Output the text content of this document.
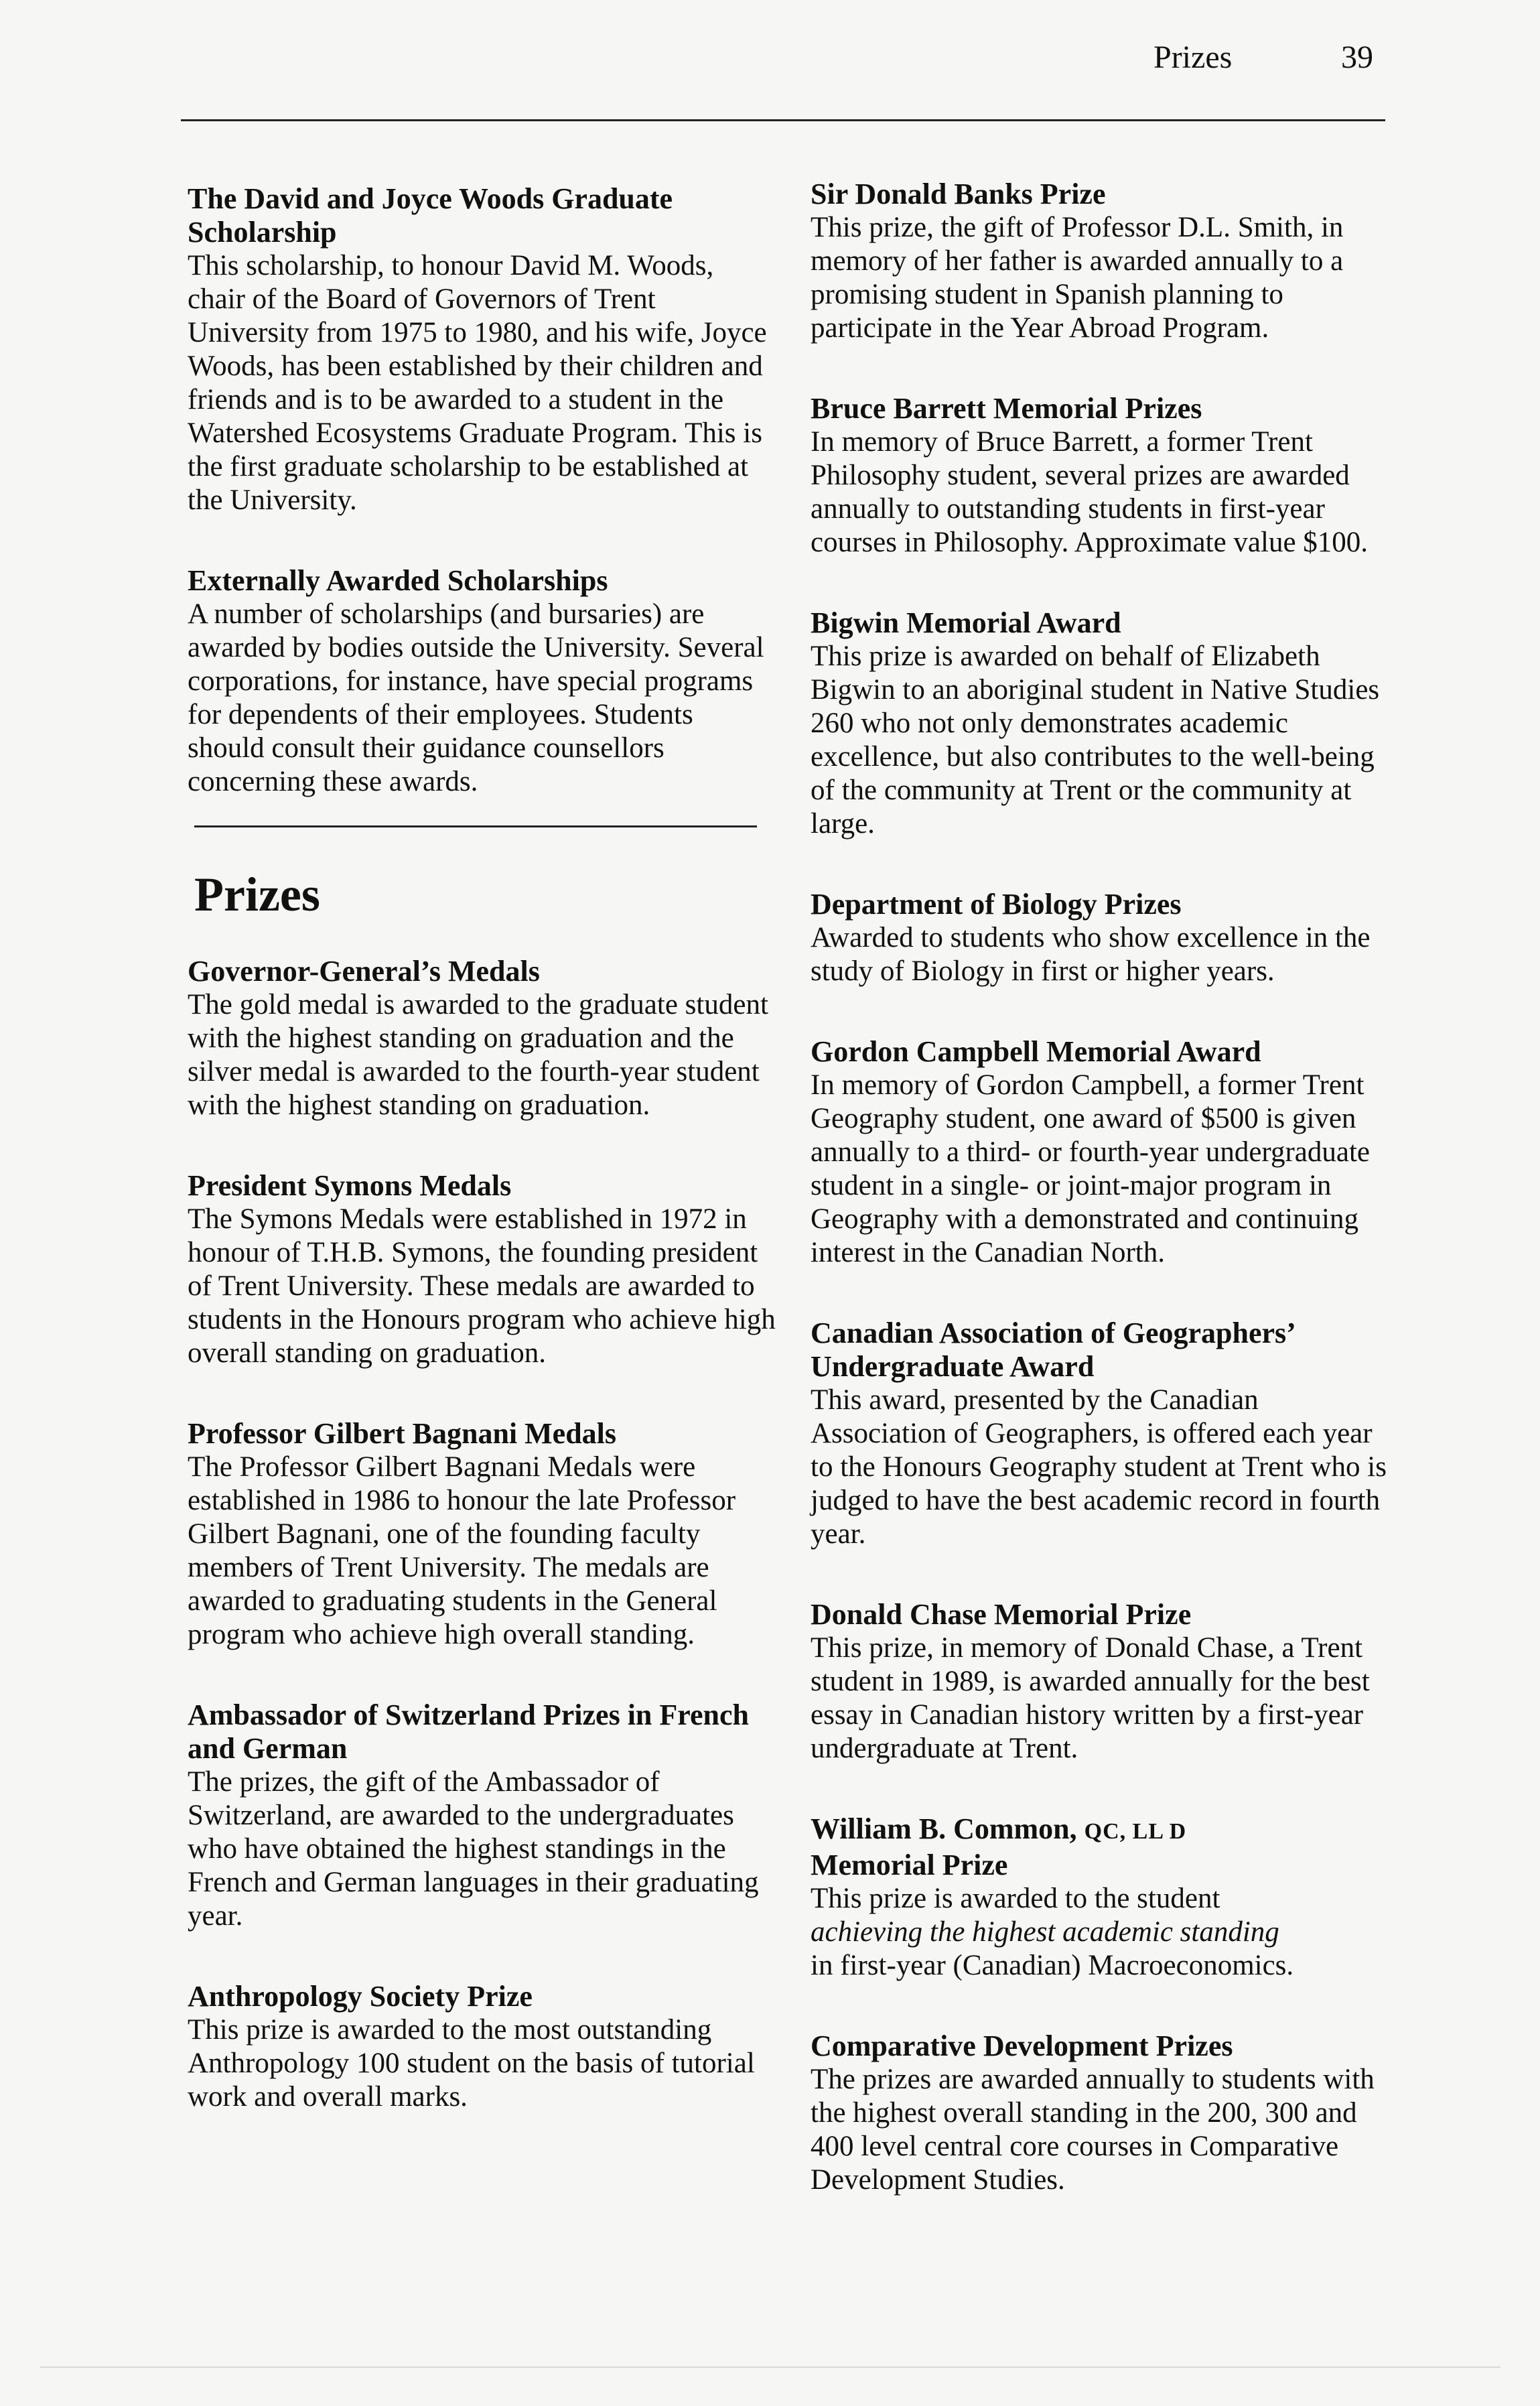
Prizes	39

The David and Joyce Woods Graduate Scholarship

This scholarship, to honour David M. Woods, chair of the Board of Governors of Trent University from 1975 to 1980, and his wife, Joyce Woods, has been established by their children and friends and is to be awarded to a student in the Watershed Ecosystems Graduate Program. This is the first graduate scholarship to be established at the University.

Externally Awarded Scholarships

A number of scholarships (and bursaries) are awarded by bodies outside the University. Several corporations, for instance, have special programs for dependents of their employees. Students should consult their guidance counsellors concerning these awards.

Prizes

Governor-General’s Medals

The gold medal is awarded to the graduate student with the highest standing on graduation and the silver medal is awarded to the fourth-year student with the highest standing on graduation.

President Symons Medals

The Symons Medals were established in 1972 in honour of T.H.B. Symons, the founding president of Trent University. These medals are awarded to students in the Honours program who achieve high overall standing on graduation.

Professor Gilbert Bagnani Medals

The Professor Gilbert Bagnani Medals were established in 1986 to honour the late Professor Gilbert Bagnani, one of the founding faculty members of Trent University. The medals are awarded to graduating students in the General program who achieve high overall standing.

Ambassador of Switzerland Prizes in French and German

The prizes, the gift of the Ambassador of Switzerland, are awarded to the undergraduates who have obtained the highest standings in the French and German languages in their graduating year.

Anthropology Society Prize

This prize is awarded to the most outstanding Anthropology 100 student on the basis of tutorial work and overall marks.

Sir Donald Banks Prize

This prize, the gift of Professor D.L. Smith, in memory of her father is awarded annually to a promising student in Spanish planning to participate in the Year Abroad Program.

Bruce Barrett Memorial Prizes

In memory of Bruce Barrett, a former Trent Philosophy student, several prizes are awarded annually to outstanding students in first-year courses in Philosophy. Approximate value $100.

Bigwin Memorial Award

This prize is awarded on behalf of Elizabeth Bigwin to an aboriginal student in Native Studies 260 who not only demonstrates academic excellence, but also contributes to the well-being of the community at Trent or the community at large.

Department of Biology Prizes

Awarded to students who show excellence in the study of Biology in first or higher years.

Gordon Campbell Memorial Award

In memory of Gordon Campbell, a former Trent Geography student, one award of $500 is given annually to a third- or fourth-year undergraduate student in a single- or joint-major program in Geography with a demonstrated and continuing interest in the Canadian North.

Canadian Association of Geographers’ Undergraduate Award

This award, presented by the Canadian Association of Geographers, is offered each year to the Honours Geography student at Trent who is judged to have the best academic record in fourth year.

Donald Chase Memorial Prize

This prize, in memory of Donald Chase, a Trent student in 1989, is awarded annually for the best essay in Canadian history written by a first-year undergraduate at Trent.

William B. Common, QC, LL D
Memorial Prize

This prize is awarded to the student
achieving the highest academic standing
in first-year (Canadian) Macroeconomics.

Comparative Development Prizes

The prizes are awarded annually to students with the highest overall standing in the 200, 300 and 400 level central core courses in Comparative Development Studies.
